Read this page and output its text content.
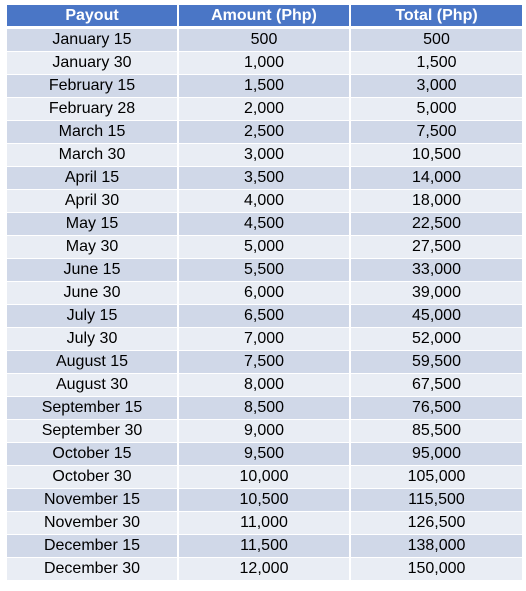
Payout	Amount (Php)	Total (Php)
January 15	500	500
January 30	1,000	1,500
February 15	1,500	3,000
February 28	2,000	5,000
March 15	2,500	7,500
March 30	3,000	10,500
April 15	3,500	14,000
April 30	4,000	18,000
May 15	4,500	22,500
May 30	5,000	27,500
June 15	5,500	33,000
June 30	6,000	39,000
July 15	6,500	45,000
July 30	7,000	52,000
August 15	7,500	59,500
August 30	8,000	67,500
September 15	8,500	76,500
September 30	9,000	85,500
October 15	9,500	95,000
October 30	10,000	105,000
November 15	10,500	115,500
November 30	11,000	126,500
December 15	11,500	138,000
December 30	12,000	150,000
